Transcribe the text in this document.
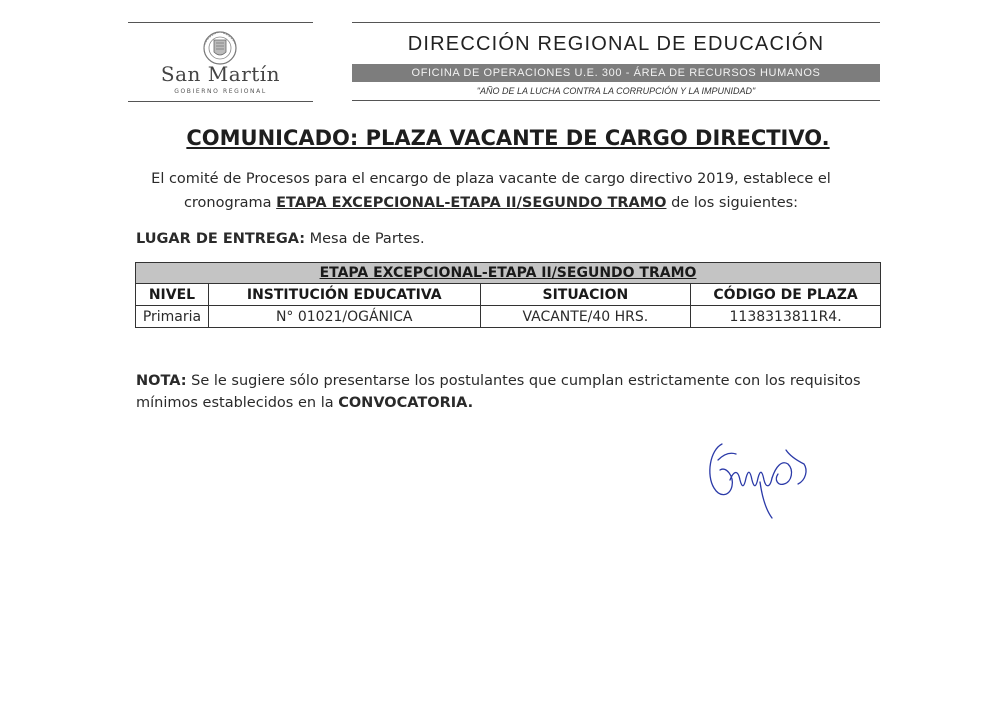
San Martín
GOBIERNO REGIONAL
DIRECCIÓN REGIONAL DE EDUCACIÓN
OFICINA DE OPERACIONES U.E. 300 - ÁREA DE RECURSOS HUMANOS
"AÑO DE LA LUCHA CONTRA LA CORRUPCIÓN Y LA IMPUNIDAD"
COMUNICADO: PLAZA VACANTE DE CARGO DIRECTIVO.
El comité de Procesos para el encargo de plaza vacante de cargo directivo 2019, establece el
cronograma ETAPA EXCEPCIONAL-ETAPA II/SEGUNDO TRAMO de los siguientes:
LUGAR DE ENTREGA: Mesa de Partes.
ETAPA EXCEPCIONAL-ETAPA II/SEGUNDO TRAMO			
NIVEL	INSTITUCIÓN EDUCATIVA	SITUACION	CÓDIGO DE PLAZA
Primaria	N° 01021/OGÁNICA	VACANTE/40 HRS.	1138313811R4.
NOTA: Se le sugiere sólo presentarse los postulantes que cumplan estrictamente con los requisitos mínimos establecidos en la CONVOCATORIA.
